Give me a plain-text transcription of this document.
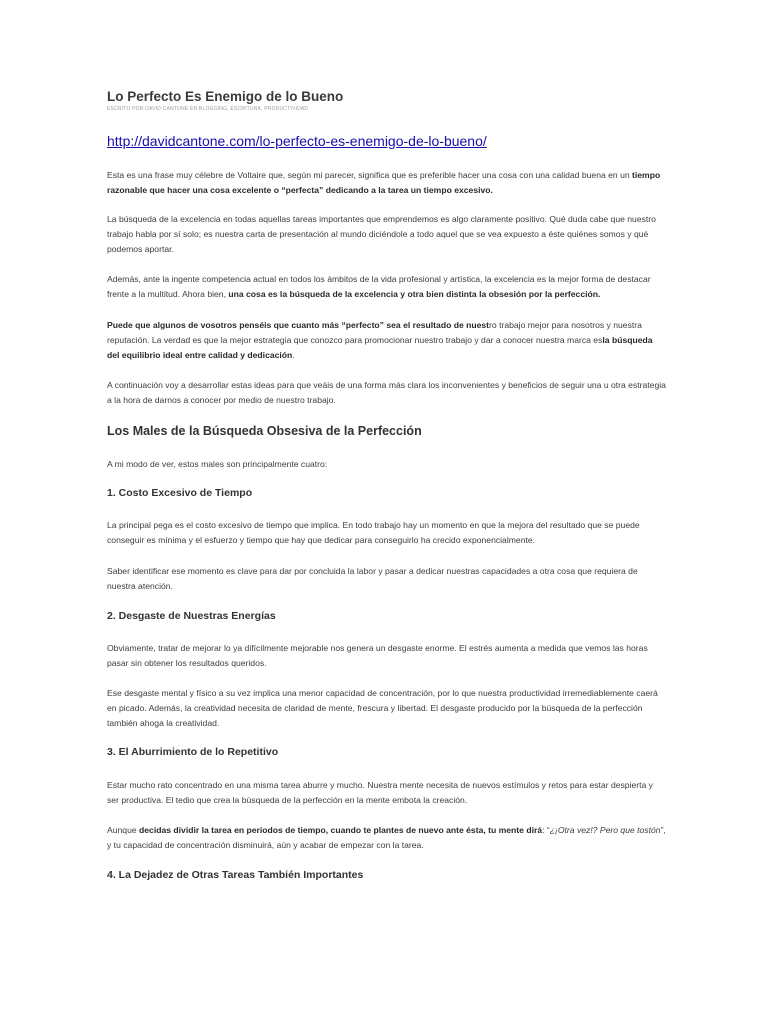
Lo Perfecto Es Enemigo de lo Bueno
ESCRITO POR DAVID CANTONE EN BLOGGING, ESCRITURA, PRODUCTIVIDAD
http://davidcantone.com/lo-perfecto-es-enemigo-de-lo-bueno/

Esta es una frase muy célebre de Voltaire que, según mi parecer, significa que es preferible hacer una cosa con una calidad buena en un tiempo razonable que hacer una cosa excelente o “perfecta” dedicando a la tarea un tiempo excesivo.

La búsqueda de la excelencia en todas aquellas tareas importantes que emprendemos es algo claramente positivo. Qué duda cabe que nuestro trabajo habla por sí solo; es nuestra carta de presentación al mundo diciéndole a todo aquel que se vea expuesto a éste quiénes somos y qué podemos aportar.

Además, ante la ingente competencia actual en todos los ámbitos de la vida profesional y artística, la excelencia es la mejor forma de destacar frente a la multitud. Ahora bien, una cosa es la búsqueda de la excelencia y otra bien distinta la obsesión por la perfección.

Puede que algunos de vosotros penséis que cuanto más “perfecto” sea el resultado de nuestro trabajo mejor para nosotros y nuestra reputación. La verdad es que la mejor estrategia que conozco para promocionar nuestro trabajo y dar a conocer nuestra marca esla búsqueda del equilibrio ideal entre calidad y dedicación.

A continuación voy a desarrollar estas ideas para que veáis de una forma más clara los inconvenientes y beneficios de seguir una u otra estrategia a la hora de darnos a conocer por medio de nuestro trabajo.

Los Males de la Búsqueda Obsesiva de la Perfección

A mi modo de ver, estos males son principalmente cuatro:

1. Costo Excesivo de Tiempo

La principal pega es el costo excesivo de tiempo que implica. En todo trabajo hay un momento en que la mejora del resultado que se puede conseguir es mínima y el esfuerzo y tiempo que hay que dedicar para conseguirlo ha crecido exponencialmente.

Saber identificar ese momento es clave para dar por concluida la labor y pasar a dedicar nuestras capacidades a otra cosa que requiera de nuestra atención.

2. Desgaste de Nuestras Energías

Obviamente, tratar de mejorar lo ya difícilmente mejorable nos genera un desgaste enorme. El estrés aumenta a medida que vemos las horas pasar sin obtener los resultados queridos.

Ese desgaste mental y físico a su vez implica una menor capacidad de concentración, por lo que nuestra productividad irremediablemente caerá en picado. Además, la creatividad necesita de claridad de mente, frescura y libertad. El desgaste producido por la búsqueda de la perfección también ahoga la creatividad.

3. El Aburrimiento de lo Repetitivo

Estar mucho rato concentrado en una misma tarea aburre y mucho. Nuestra mente necesita de nuevos estímulos y retos para estar despierta y ser productiva. El tedio que crea la búsqueda de la perfección en la mente embota la creación.

Aunque decidas dividir la tarea en períodos de tiempo, cuando te plantes de nuevo ante ésta, tu mente dirá: “¿¡Otra vez!? Pero que tostón”, y tu capacidad de concentración disminuirá, aún y acabar de empezar con la tarea.

4. La Dejadez de Otras Tareas También Importantes
